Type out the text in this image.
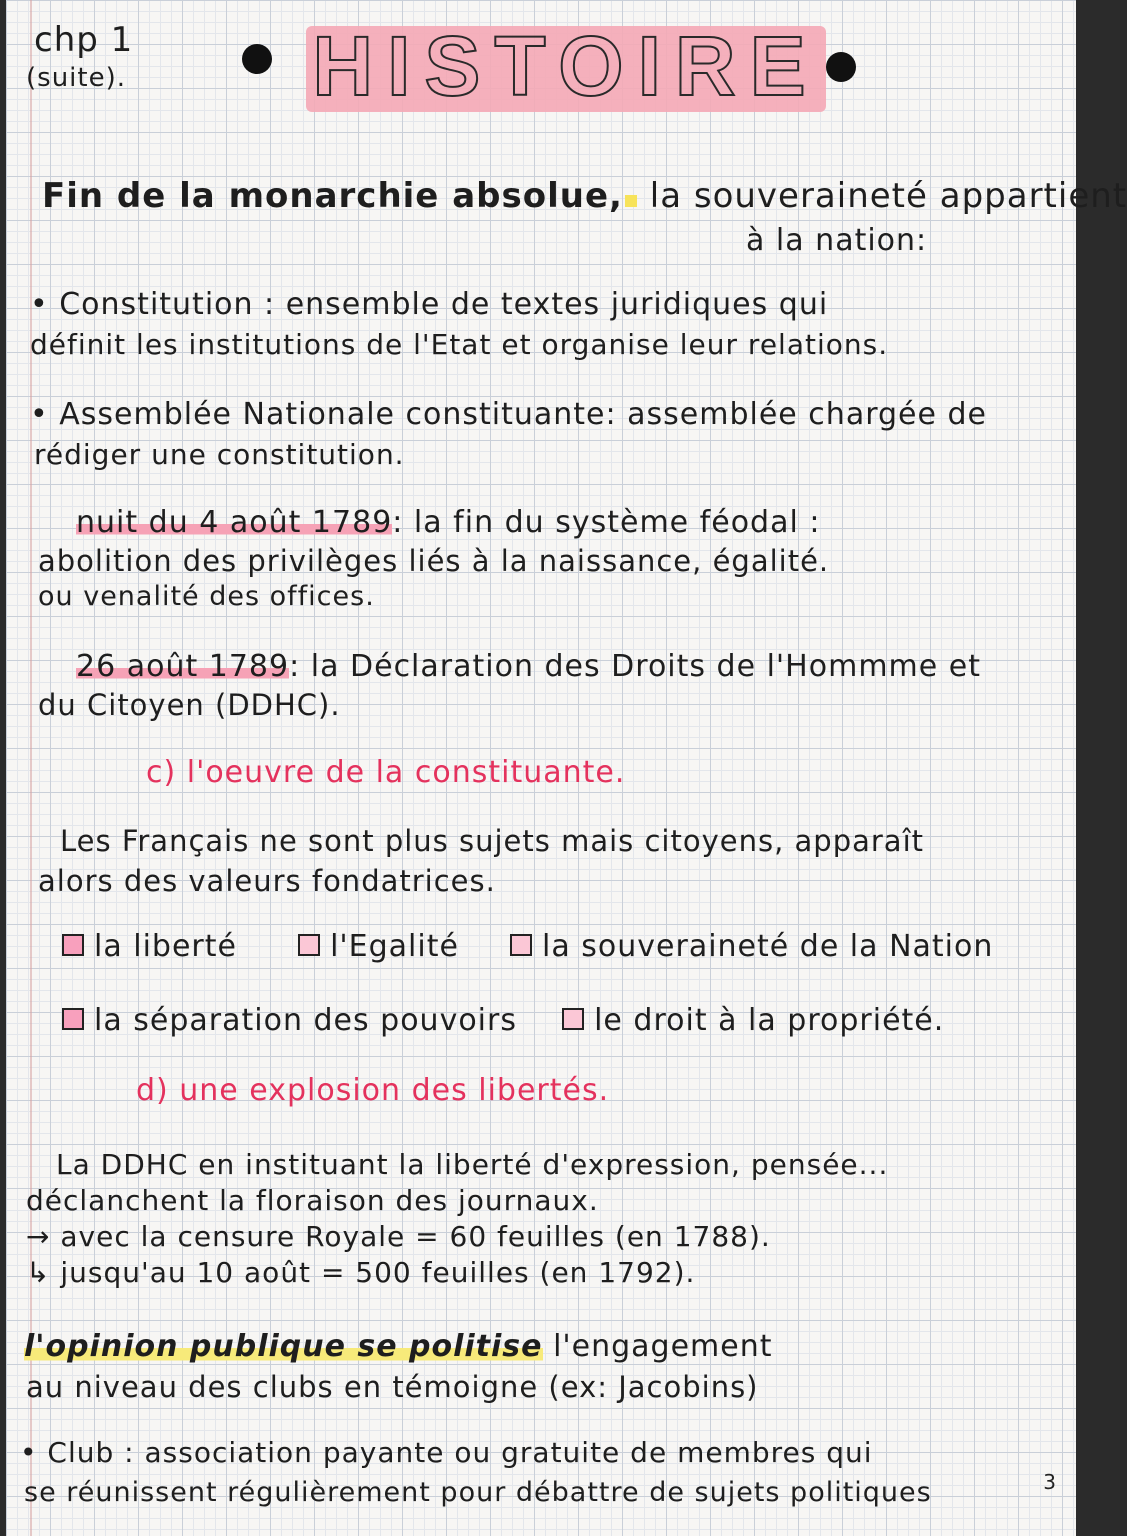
chp 1

(suite). HISTOIRE

Fin de la monarchie absolue, la souveraineté appartient

à la nation:

• Constitution : ensemble de textes juridiques qui

définit les institutions de l'Etat et organise leur relations.

• Assemblée Nationale constituante: assemblée chargée de

rédiger une constitution.

nuit du 4 août 1789: la fin du système féodal :

abolition des privilèges liés à la naissance, égalité.

ou venalité des offices.

26 août 1789: la Déclaration des Droits de l'Hommme et

du Citoyen (DDHC).

c) l'oeuvre de la constituante.

Les Français ne sont plus sujets mais citoyens, apparaît

alors des valeurs fondatrices.

la liberté	l'Egalité	la souveraineté de la Nation
la séparation des pouvoirs	le droit à la propriété.

d) une explosion des libertés.

La DDHC en instituant la liberté d'expression, pensée...

déclanchent la floraison des journaux.

→ avec la censure Royale = 60 feuilles (en 1788).

↳ jusqu'au 10 août = 500 feuilles (en 1792).

l'opinion publique se politise l'engagement

au niveau des clubs en témoigne (ex: Jacobins)

• Club : association payante ou gratuite de membres qui

se réunissent régulièrement pour débattre de sujets politiques	3
